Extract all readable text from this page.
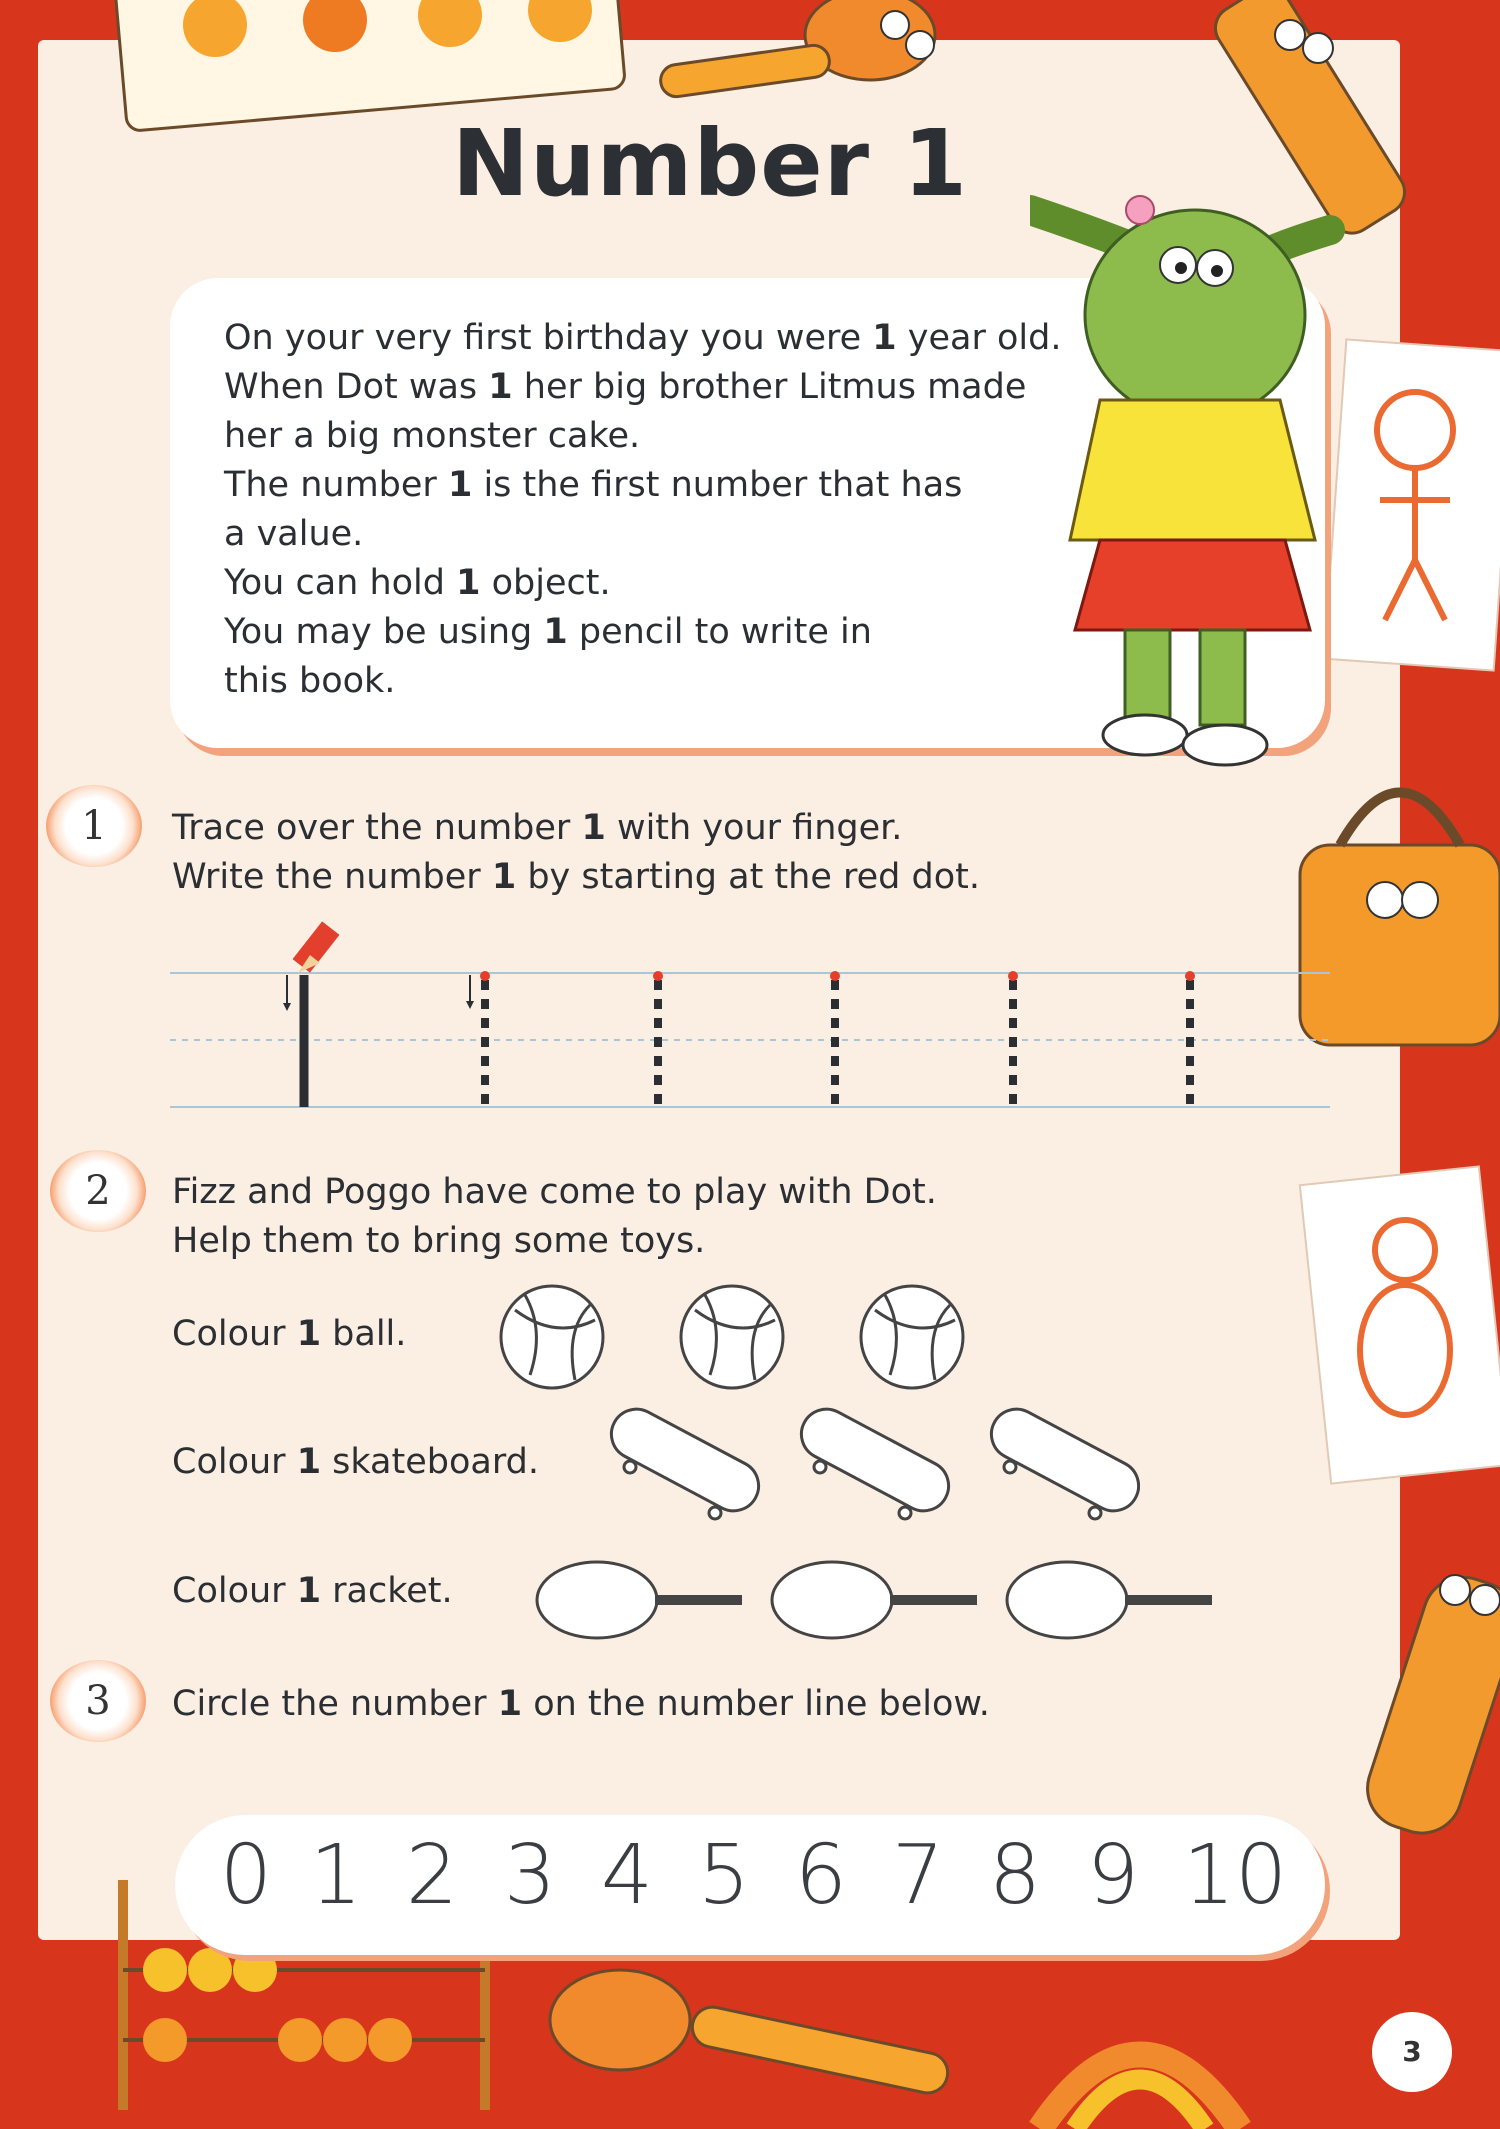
Number 1
On your very first birthday you were 1 year old.
When Dot was 1 her big brother Litmus made
her a big monster cake.
The number 1 is the first number that has
a value.
You can hold 1 object.
You may be using 1 pencil to write in
this book.
1	Trace over the number 1 with your finger.
Write the number 1 by starting at the red dot.
2	Fizz and Poggo have come to play with Dot.
Help them to bring some toys.
Colour 1 ball.
Colour 1 skateboard.
Colour 1 racket.
3	Circle the number 1 on the number line below.
0 1 2 3 4 5 6 7 8 9 10
3
